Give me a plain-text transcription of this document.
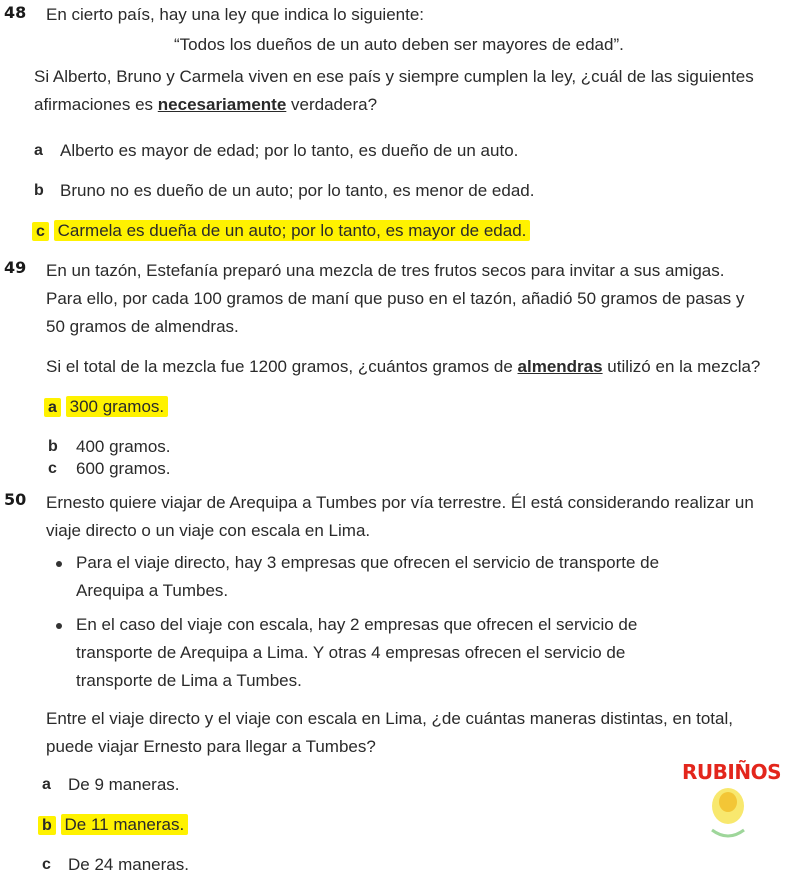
48 En cierto país, hay una ley que indica lo siguiente:
“Todos los dueños de un auto deben ser mayores de edad”.
Si Alberto, Bruno y Carmela viven en ese país y siempre cumplen la ley, ¿cuál de las siguientes
afirmaciones es necesariamente verdadera?
a Alberto es mayor de edad; por lo tanto, es dueño de un auto.
b Bruno no es dueño de un auto; por lo tanto, es menor de edad.
c Carmela es dueña de un auto; por lo tanto, es mayor de edad.
49 En un tazón, Estefanía preparó una mezcla de tres frutos secos para invitar a sus amigas.
Para ello, por cada 100 gramos de maní que puso en el tazón, añadió 50 gramos de pasas y
50 gramos de almendras.
Si el total de la mezcla fue 1200 gramos, ¿cuántos gramos de almendras utilizó en la mezcla?
a 300 gramos.
b 400 gramos.
c 600 gramos.
50 Ernesto quiere viajar de Arequipa a Tumbes por vía terrestre. Él está considerando realizar un
viaje directo o un viaje con escala en Lima.
Para el viaje directo, hay 3 empresas que ofrecen el servicio de transporte de
Arequipa a Tumbes.
En el caso del viaje con escala, hay 2 empresas que ofrecen el servicio de
transporte de Arequipa a Lima. Y otras 4 empresas ofrecen el servicio de
transporte de Lima a Tumbes.
Entre el viaje directo y el viaje con escala en Lima, ¿de cuántas maneras distintas, en total,
puede viajar Ernesto para llegar a Tumbes?
a De 9 maneras.
b De 11 maneras.
c De 24 maneras.
RUBIÑOS
